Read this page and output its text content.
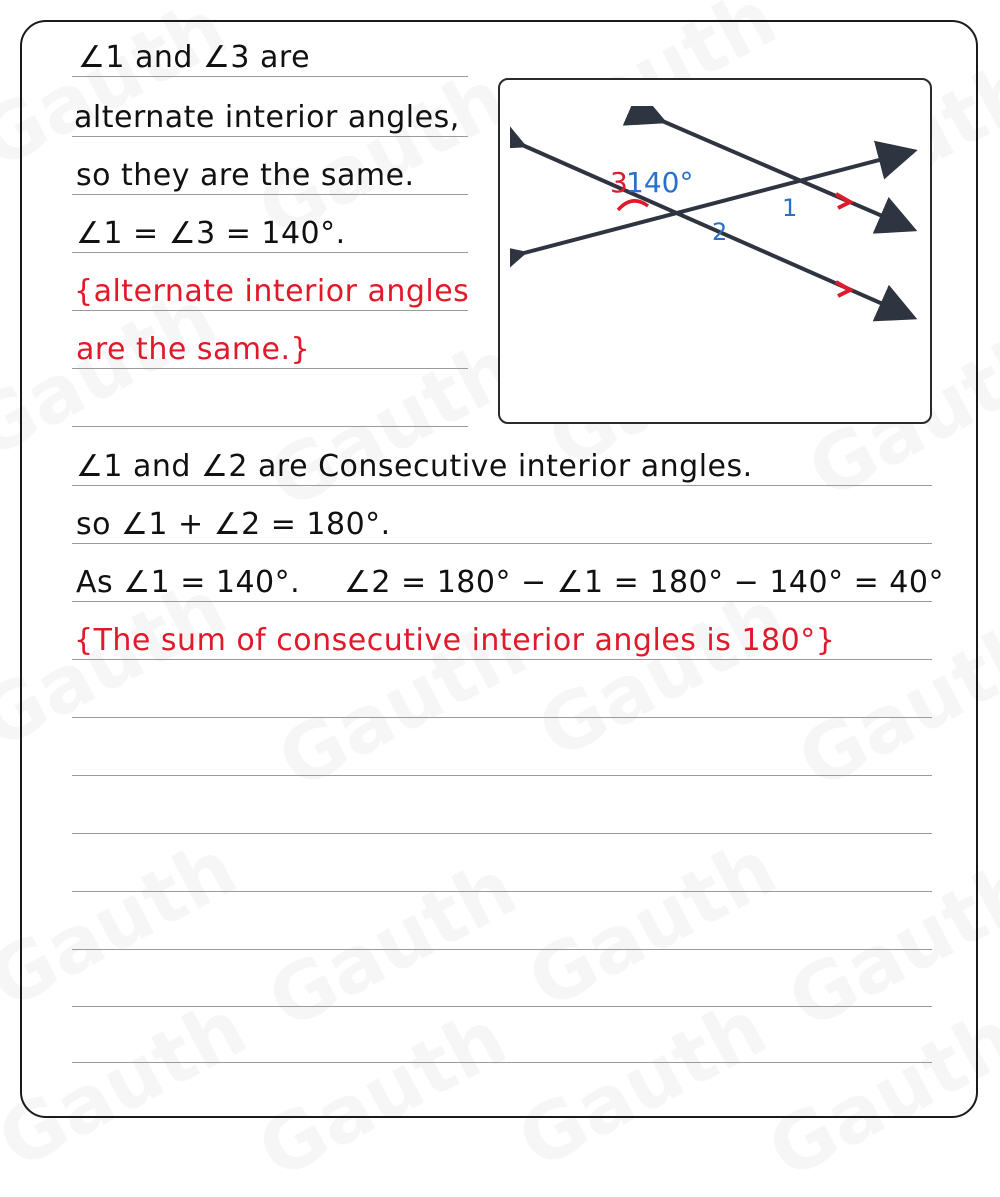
∠1 and ∠3 are
alternate interior angles,
so they are the same.
∠1 = ∠3 = 140°.
{alternate interior angles
are the same.}
3
140°
1
2
∠1 and ∠2 are Consecutive interior angles.
so ∠1 + ∠2 = 180°.
As ∠1 = 140°. ∠2 = 180° − ∠1 = 180° − 140° = 40°
{The sum of consecutive interior angles is 180°}
